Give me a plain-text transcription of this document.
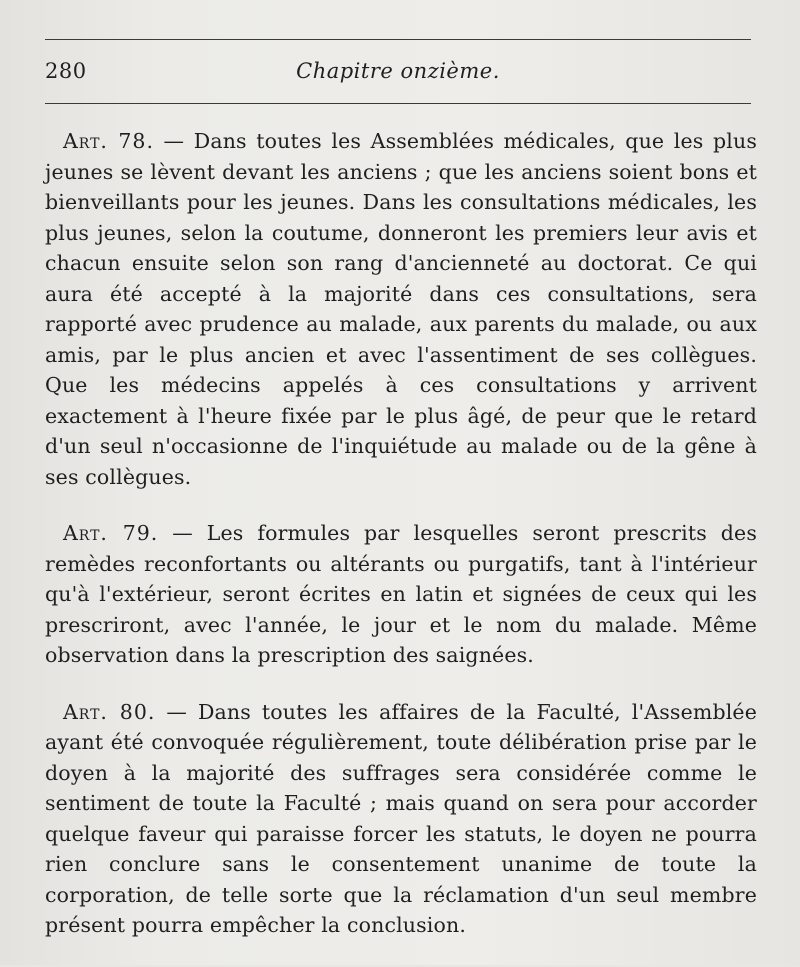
280	Chapitre onzième.

Art. 78. — Dans toutes les Assemblées médicales, que les plus jeunes se lèvent devant les anciens ; que les anciens soient bons et bienveillants pour les jeunes. Dans les consultations médicales, les plus jeunes, selon la coutume, donneront les premiers leur avis et chacun ensuite selon son rang d'ancienneté au doctorat. Ce qui aura été accepté à la majorité dans ces consultations, sera rapporté avec prudence au malade, aux parents du malade, ou aux amis, par le plus ancien et avec l'assentiment de ses collègues. Que les médecins appelés à ces consultations y arrivent exactement à l'heure fixée par le plus âgé, de peur que le retard d'un seul n'occasionne de l'inquiétude au malade ou de la gêne à ses collègues.

Art. 79. — Les formules par lesquelles seront prescrits des remèdes reconfortants ou altérants ou purgatifs, tant à l'intérieur qu'à l'extérieur, seront écrites en latin et signées de ceux qui les prescriront, avec l'année, le jour et le nom du malade. Même observation dans la prescription des saignées.

Art. 80. — Dans toutes les affaires de la Faculté, l'Assemblée ayant été convoquée régulièrement, toute délibération prise par le doyen à la majorité des suffrages sera considérée comme le sentiment de toute la Faculté ; mais quand on sera pour accorder quelque faveur qui paraisse forcer les statuts, le doyen ne pourra rien conclure sans le consentement unanime de toute la corporation, de telle sorte que la réclamation d'un seul membre présent pourra empêcher la conclusion.
